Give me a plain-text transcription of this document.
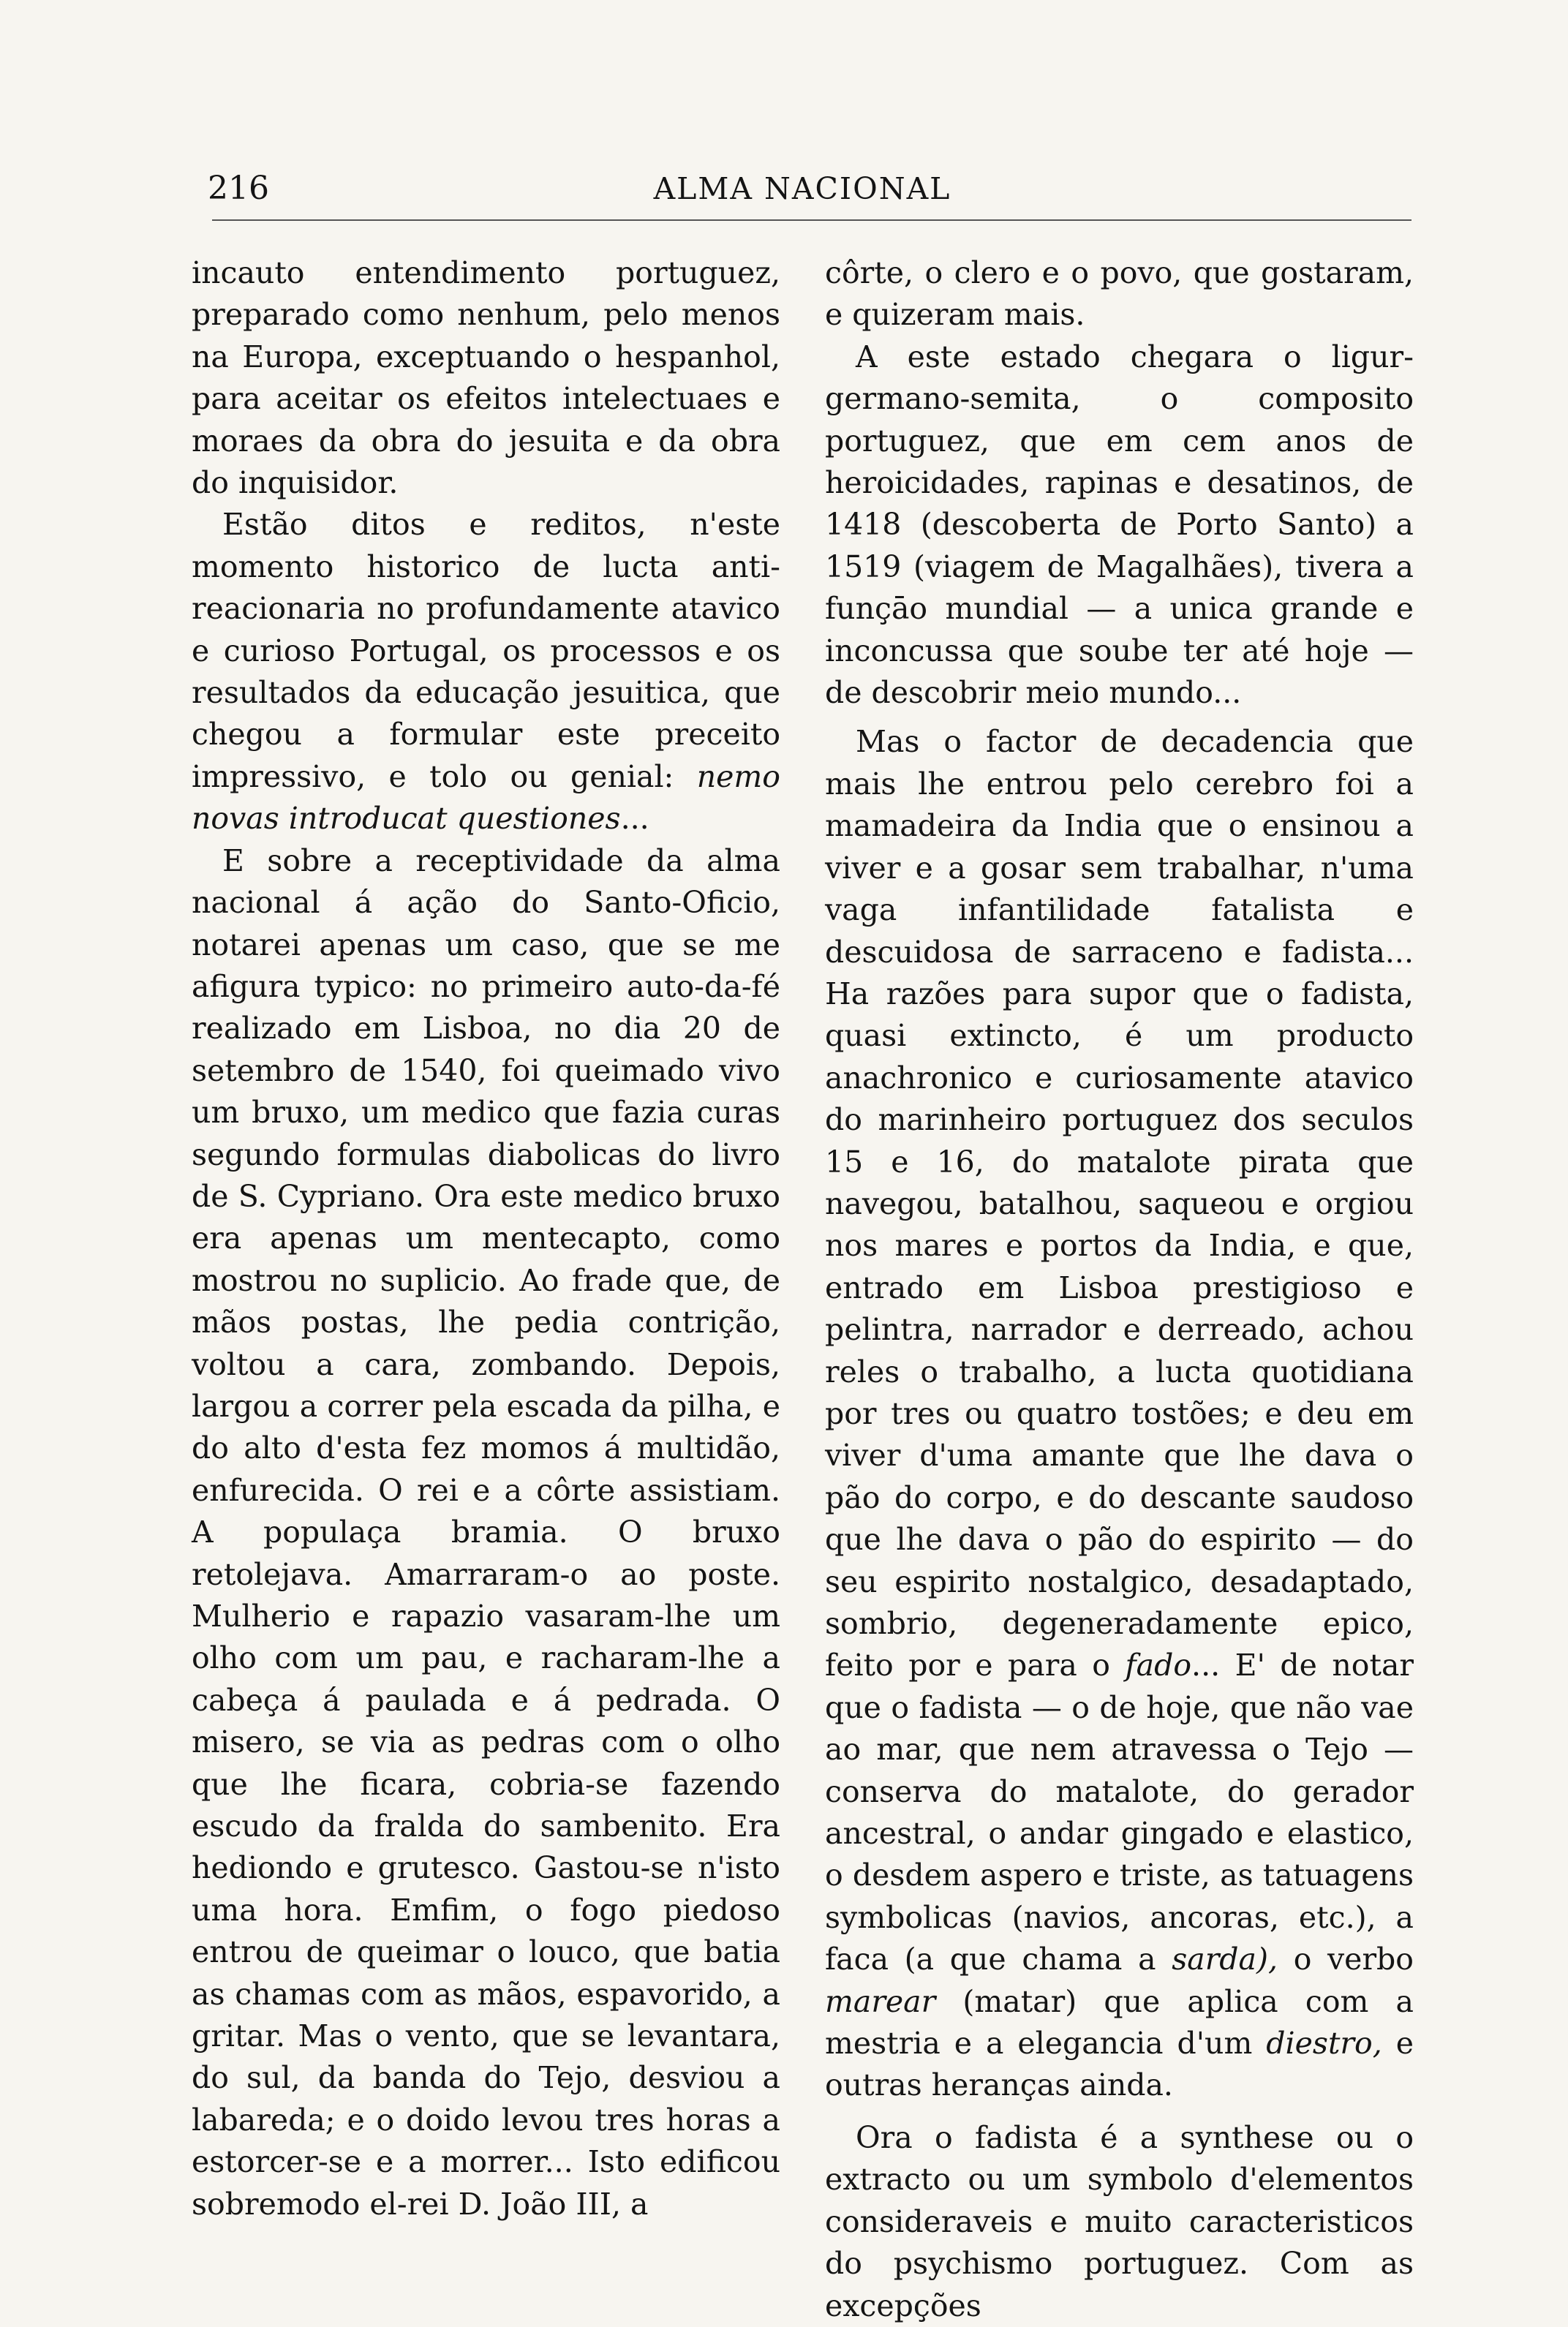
216	ALMA NACIONAL

incauto entendimento portuguez, preparado como nenhum, pelo menos na Europa, exceptuando o hespanhol, para aceitar os efeitos intelectuaes e moraes da obra do jesuita e da obra do inquisidor.

Estão ditos e reditos, n'este momento historico de lucta anti-reacionaria no profundamente atavico e curioso Portugal, os processos e os resultados da educação jesuitica, que chegou a formular este preceito impressivo, e tolo ou genial: nemo novas introducat questiones...

E sobre a receptividade da alma nacional á ação do Santo-Oficio, notarei apenas um caso, que se me afigura typico: no primeiro auto-da-fé realizado em Lisboa, no dia 20 de setembro de 1540, foi queimado vivo um bruxo, um medico que fazia curas segundo formulas diabolicas do livro de S. Cypriano. Ora este medico bruxo era apenas um mentecapto, como mostrou no suplicio. Ao frade que, de mãos postas, lhe pedia contrição, voltou a cara, zombando. Depois, largou a correr pela escada da pilha, e do alto d'esta fez momos á multidão, enfurecida. O rei e a côrte assistiam. A populaça bramia. O bruxo retolejava. Amarraram-o ao poste. Mulherio e rapazio vasaram-lhe um olho com um pau, e racharam-lhe a cabeça á paulada e á pedrada. O misero, se via as pedras com o olho que lhe ficara, cobria-se fazendo escudo da fralda do sambenito. Era hediondo e grutesco. Gastou-se n'isto uma hora. Emfim, o fogo piedoso entrou de queimar o louco, que batia as chamas com as mãos, espavorido, a gritar. Mas o vento, que se levantara, do sul, da banda do Tejo, desviou a labareda; e o doido levou tres horas a estorcer-se e a morrer... Isto edificou sobremodo el-rei D. João III, a

côrte, o clero e o povo, que gostaram, e quizeram mais.

A este estado chegara o ligur-germano-semita, o composito portuguez, que em cem anos de heroicidades, rapinas e desatinos, de 1418 (descoberta de Porto Santo) a 1519 (viagem de Magalhães), tivera a funçāo mundial — a unica grande e inconcussa que soube ter até hoje — de descobrir meio mundo...

Mas o factor de decadencia que mais lhe entrou pelo cerebro foi a mamadeira da India que o ensinou a viver e a gosar sem trabalhar, n'uma vaga infantilidade fatalista e descuidosa de sarraceno e fadista... Ha razões para supor que o fadista, quasi extincto, é um producto anachronico e curiosamente atavico do marinheiro portuguez dos seculos 15 e 16, do matalote pirata que navegou, batalhou, saqueou e orgiou nos mares e portos da India, e que, entrado em Lisboa prestigioso e pelintra, narrador e derreado, achou reles o trabalho, a lucta quotidiana por tres ou quatro tostões; e deu em viver d'uma amante que lhe dava o pão do corpo, e do descante saudoso que lhe dava o pão do espirito — do seu espirito nostalgico, desadaptado, sombrio, degeneradamente epico, feito por e para o fado... E' de notar que o fadista — o de hoje, que não vae ao mar, que nem atravessa o Tejo — conserva do matalote, do gerador ancestral, o andar gingado e elastico, o desdem aspero e triste, as tatuagens symbolicas (navios, ancoras, etc.), a faca (a que chama a sarda), o verbo marear (matar) que aplica com a mestria e a elegancia d'um diestro, e outras heranças ainda.

Ora o fadista é a synthese ou o extracto ou um symbolo d'elementos consideraveis e muito caracteristicos do psychismo portuguez. Com as excepções
